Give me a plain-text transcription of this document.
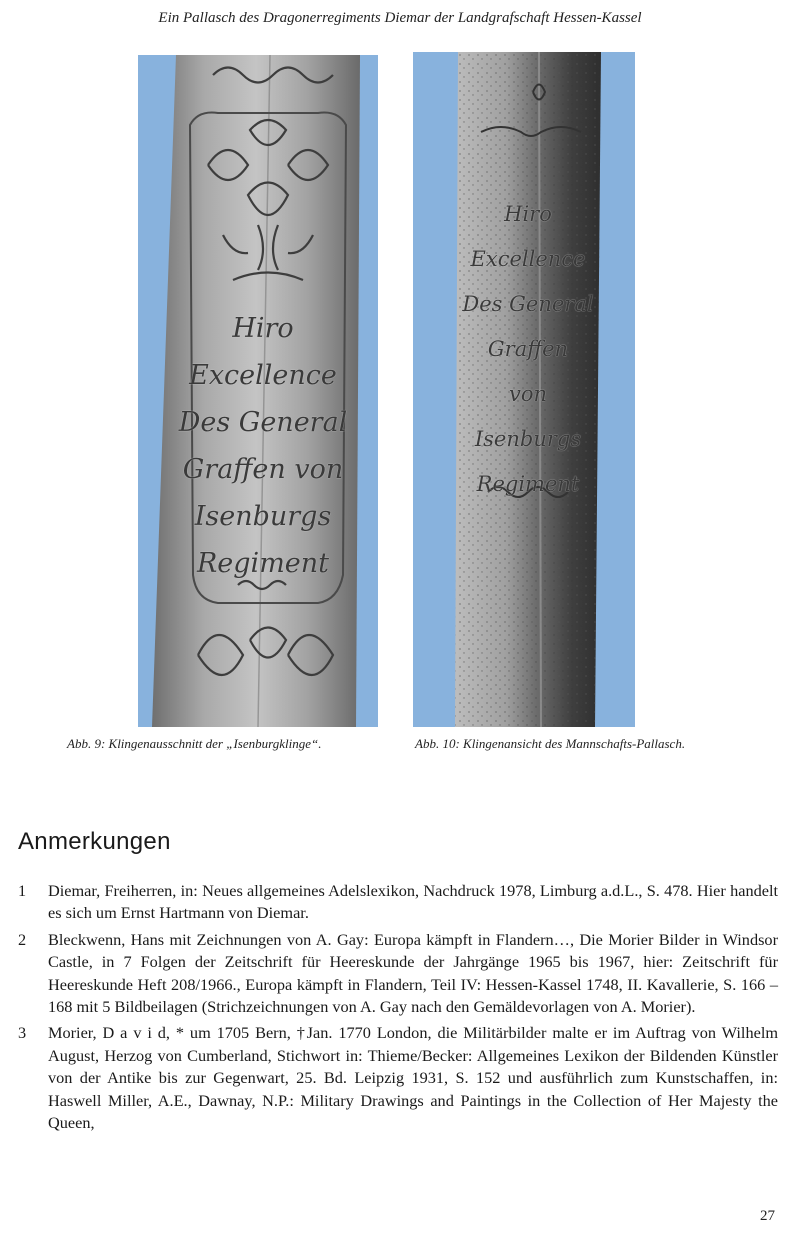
Ein Pallasch des Dragonerregiments Diemar der Landgrafschaft Hessen-Kassel
Hiro
Excellence
Des General
Graffen von
Isenburgs
Regiment
Hiro
Excellence
Des General
Graffen
von Isenburgs
Regiment
Abb. 9: Klingenausschnitt der „Isenburgklinge“.	Abb. 10: Klingenansicht des Mannschafts-Pallasch.
Anmerkungen
1	Diemar, Freiherren, in: Neues allgemeines Adelslexikon, Nachdruck 1978, Limburg a.d.L., S. 478. Hier handelt es sich um Ernst Hartmann von Diemar.
2	Bleckwenn, Hans mit Zeichnungen von A. Gay: Europa kämpft in Flandern…, Die Morier Bilder in Windsor Castle, in 7 Folgen der Zeitschrift für Heereskunde der Jahrgänge 1965 bis 1967, hier: Zeitschrift für Heereskunde Heft 208/1966., Europa kämpft in Flandern, Teil IV: Hessen-Kassel 1748, II. Kavallerie, S. 166 – 168 mit 5 Bildbeilagen (Strichzeichnungen von A. Gay nach den Gemäldevorlagen von A. Morier).
3	Morier, D a v i d, * um 1705 Bern, †Jan. 1770 London, die Militärbilder malte er im Auftrag von Wilhelm August, Herzog von Cumberland, Stichwort in: Thieme/Becker: Allgemeines Lexikon der Bildenden Künstler von der Antike bis zur Gegenwart, 25. Bd. Leipzig 1931, S. 152 und ausführlich zum Kunstschaffen, in: Haswell Miller, A.E., Dawnay, N.P.: Military Drawings and Paintings in the Collection of Her Majesty the Queen,
27
